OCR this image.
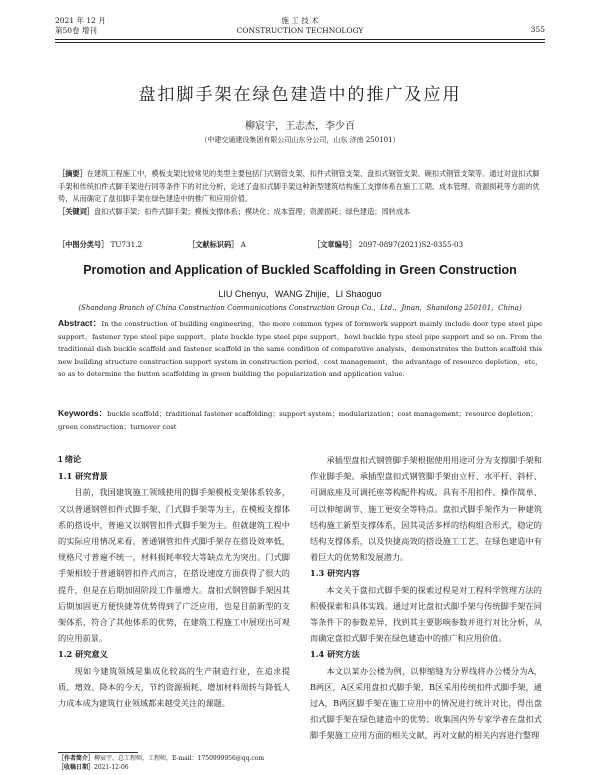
2021 年 12 月
第50卷 增刊
施 工 技 术
CONSTRUCTION TECHNOLOGY	355
盘扣脚手架在绿色建造中的推广及应用
柳宸宇，王志杰，李少百
（中建交通建设集团有限公司山东分公司，山东 济南 250101）

［摘要］在建筑工程施工中，模板支架比较常见的类型主要包括门式钢管支架、扣件式钢管支架、盘扣式钢管支架、碗扣式钢管支架等。通过对盘扣式脚手架和传统扣件式脚手架进行同等条件下的对比分析，论述了盘扣式脚手架这种新型建筑结构施工支撑体系在施工工期、成本管理、资源损耗等方面的优势，从而确定了盘扣脚手架在绿色建造中的推广和应用价值。

［关键词］盘扣式脚手架；扣件式脚手架；模板支撑体系；模块化；成本管理；资源损耗；绿色建造；周转成本

［中图分类号］ TU731.2	［文献标识码］ A	［文章编号］ 2097-0897(2021)S2-0355-03
Promotion and Application of Buckled Scaffolding in Green Construction
LIU Chenyu，WANG Zhijie，LI Shaoguo
(Shandong Branch of China Construction Communications Construction Group Co.，Ltd.，Jinan，Shandong 250101，China)

Abstract：In the construction of building engineering，the more common types of formwork support mainly include door type steel pipe support，fastener type steel pipe support，plate buckle type steel pipe support，bowl buckle type steel pipe support and so on. From the traditional dish buckle scaffold and fastener scaffold in the same condition of comparative analysis，demonstrates the button scaffold this new building structure construction support system in construction period，cost management，the advantage of resource depletion，etc，so as to determine the button scaffolding in green building the popularization and application value.

Keywords：buckle scaffold；traditional fastener scaffolding；support system；modularization；cost management；resource depletion；green construction；turnover cost

1 绪论

1.1 研究背景

目前，我国建筑施工领域使用的脚手架模板支架体系较多，又以普通钢管扣件式脚手架、门式脚手架等为主，在模板支撑体系的搭设中，普遍又以钢管扣件式脚手架为主。但就建筑工程中的实际应用情况来看，普通钢管扣件式脚手架存在搭设效率低，规格尺寸普遍不统一，材料损耗率较大等缺点尤为突出。门式脚手架相较于普通钢管扣件式而言，在搭设速度方面获得了很大的提升，但是在后期加固阶段工作量增大。盘扣式钢管脚手架因其后期加固更方便快捷等优势得到了广泛应用，也是目前新型的支架体系，符合了其他体系的优势，在建筑工程施工中展现出可观的应用前景。

1.2 研究意义

现如今建筑领域是集成化较高的生产制造行业，在追求提质、增效、降本的今天，节约资源损耗、增加材料周转与降低人力成本成为建筑行业领域都来越受关注的课题。

承插型盘扣式钢管脚手架根据使用用途可分为支撑脚手架和作业脚手架。承插型盘扣式钢管脚手架由立杆、水平杆、斜杆、可调底座及可调托座等构配件构成。具有不用扣件、操作简单、可以伸缩调节、施工更安全等特点。盘扣式脚手架作为一种建筑结构施工新型支撑体系，因其灵活多样的结构组合形式，稳定的结构支撑体系，以及快捷高效的搭设施工工艺，在绿色建造中有着巨大的优势和发展潜力。

1.3 研究内容

本文关于盘扣式脚手架的探索过程是对工程科学管理方法的积极探索和具体实践。通过对比盘扣式脚手架与传统脚手架在同等条件下的参数差异，找到其主要影响参数并进行对比分析，从而确定盘扣式脚手架在绿色建造中的推广和应用价值。

1.4 研究方法

本文以某办公楼为例，以伸缩缝为分界线将办公楼分为A，B两区，A区采用盘扣式脚手架，B区采用传统扣件式脚手架，通过A，B两区脚手架在施工应用中的情况进行统计对比，得出盘扣式脚手架在绿色建造中的优势；收集国内外专家学者在盘扣式脚手架施工应用方面的相关文献，再对文献的相关内容进行整理

［作者简介］柳宸宇，总工程师，工程师，E-mail：1750999956@qq.com

［收稿日期］2021-12-06
